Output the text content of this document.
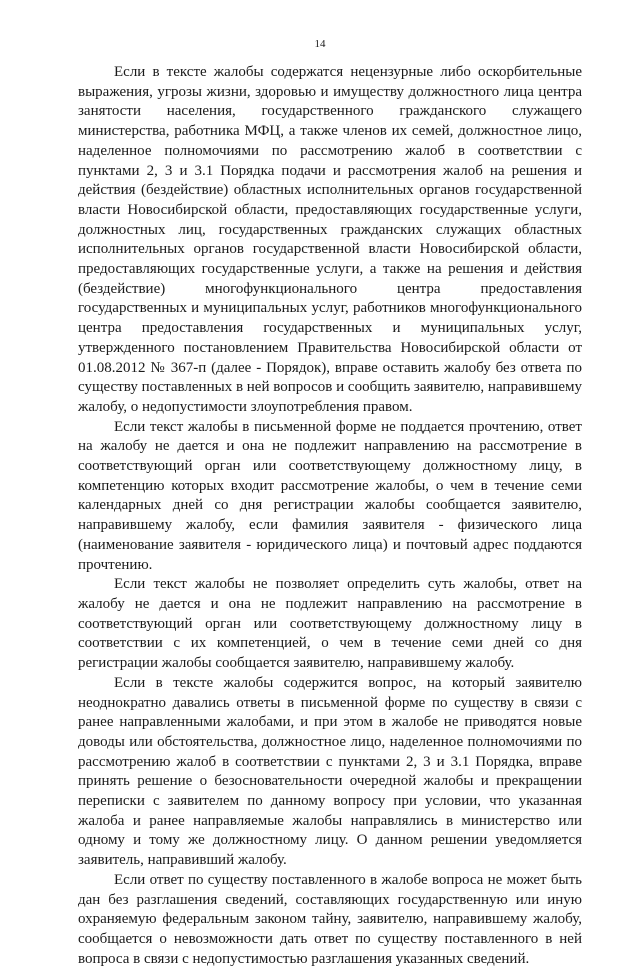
14

Если в тексте жалобы содержатся нецензурные либо оскорбительные выражения, угрозы жизни, здоровью и имуществу должностного лица центра занятости населения, государственного гражданского служащего министерства, работника МФЦ, а также членов их семей, должностное лицо, наделенное полномочиями по рассмотрению жалоб в соответствии с пунктами 2, 3 и 3.1 Порядка подачи и рассмотрения жалоб на решения и действия (бездействие) областных исполнительных органов государственной власти Новосибирской области, предоставляющих государственные услуги, должностных лиц, государственных гражданских служащих областных исполнительных органов государственной власти Новосибирской области, предоставляющих государственные услуги, а также на решения и действия (бездействие) многофункционального центра предоставления государственных и муниципальных услуг, работников многофункционального центра предоставления государственных и муниципальных услуг, утвержденного постановлением Правительства Новосибирской области от 01.08.2012 № 367-п (далее - Порядок), вправе оставить жалобу без ответа по существу поставленных в ней вопросов и сообщить заявителю, направившему жалобу, о недопустимости злоупотребления правом.

Если текст жалобы в письменной форме не поддается прочтению, ответ на жалобу не дается и она не подлежит направлению на рассмотрение в соответствующий орган или соответствующему должностному лицу, в компетенцию которых входит рассмотрение жалобы, о чем в течение семи календарных дней со дня регистрации жалобы сообщается заявителю, направившему жалобу, если фамилия заявителя - физического лица (наименование заявителя - юридического лица) и почтовый адрес поддаются прочтению.

Если текст жалобы не позволяет определить суть жалобы, ответ на жалобу не дается и она не подлежит направлению на рассмотрение в соответствующий орган или соответствующему должностному лицу в соответствии с их компетенцией, о чем в течение семи дней со дня регистрации жалобы сообщается заявителю, направившему жалобу.

Если в тексте жалобы содержится вопрос, на который заявителю неоднократно давались ответы в письменной форме по существу в связи с ранее направленными жалобами, и при этом в жалобе не приводятся новые доводы или обстоятельства, должностное лицо, наделенное полномочиями по рассмотрению жалоб в соответствии с пунктами 2, 3 и 3.1 Порядка, вправе принять решение о безосновательности очередной жалобы и прекращении переписки с заявителем по данному вопросу при условии, что указанная жалоба и ранее направляемые жалобы направлялись в министерство или одному и тому же должностному лицу. О данном решении уведомляется заявитель, направивший жалобу.

Если ответ по существу поставленного в жалобе вопроса не может быть дан без разглашения сведений, составляющих государственную или иную охраняемую федеральным законом тайну, заявителю, направившему жалобу, сообщается о невозможности дать ответ по существу поставленного в ней вопроса в связи с недопустимостью разглашения указанных сведений.
